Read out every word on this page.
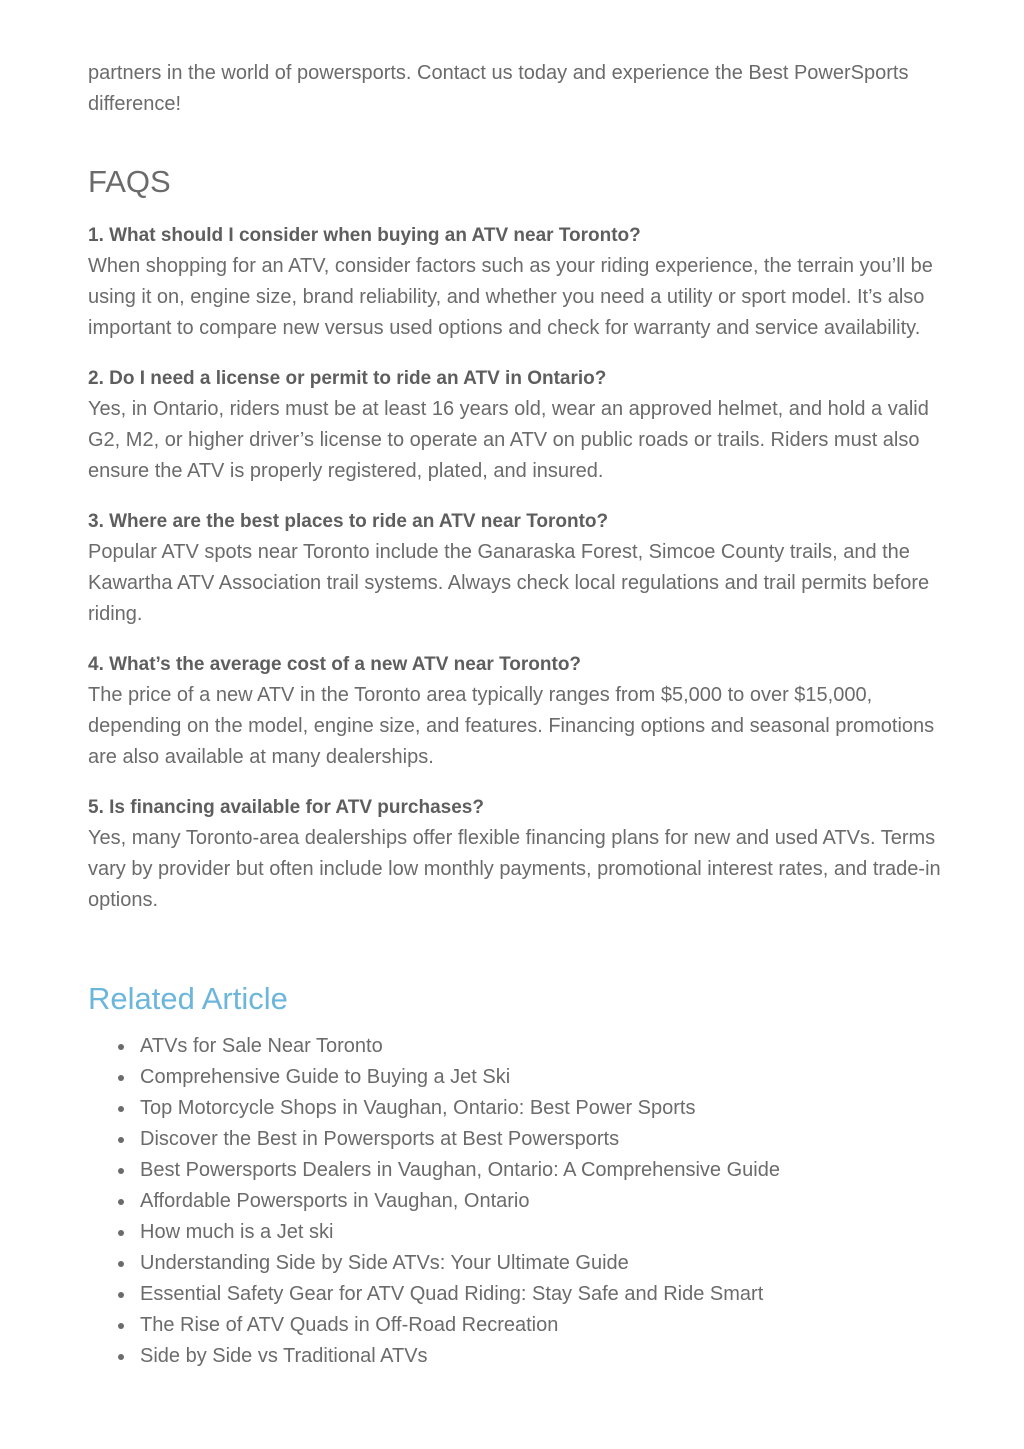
partners in the world of powersports. Contact us today and experience the Best PowerSports difference!

FAQS
1. What should I consider when buying an ATV near Toronto?
When shopping for an ATV, consider factors such as your riding experience, the terrain you’ll be using it on, engine size, brand reliability, and whether you need a utility or sport model. It’s also important to compare new versus used options and check for warranty and service availability.
2. Do I need a license or permit to ride an ATV in Ontario?
Yes, in Ontario, riders must be at least 16 years old, wear an approved helmet, and hold a valid G2, M2, or higher driver’s license to operate an ATV on public roads or trails. Riders must also ensure the ATV is properly registered, plated, and insured.
3. Where are the best places to ride an ATV near Toronto?
Popular ATV spots near Toronto include the Ganaraska Forest, Simcoe County trails, and the Kawartha ATV Association trail systems. Always check local regulations and trail permits before riding.
4. What’s the average cost of a new ATV near Toronto?
The price of a new ATV in the Toronto area typically ranges from $5,000 to over $15,000, depending on the model, engine size, and features. Financing options and seasonal promotions are also available at many dealerships.
5. Is financing available for ATV purchases?
Yes, many Toronto-area dealerships offer flexible financing plans for new and used ATVs. Terms vary by provider but often include low monthly payments, promotional interest rates, and trade-in options.
Related Article
ATVs for Sale Near Toronto
Comprehensive Guide to Buying a Jet Ski
Top Motorcycle Shops in Vaughan, Ontario: Best Power Sports
Discover the Best in Powersports at Best Powersports
Best Powersports Dealers in Vaughan, Ontario: A Comprehensive Guide
Affordable Powersports in Vaughan, Ontario
How much is a Jet ski
Understanding Side by Side ATVs: Your Ultimate Guide
Essential Safety Gear for ATV Quad Riding: Stay Safe and Ride Smart
The Rise of ATV Quads in Off-Road Recreation
Side by Side vs Traditional ATVs
